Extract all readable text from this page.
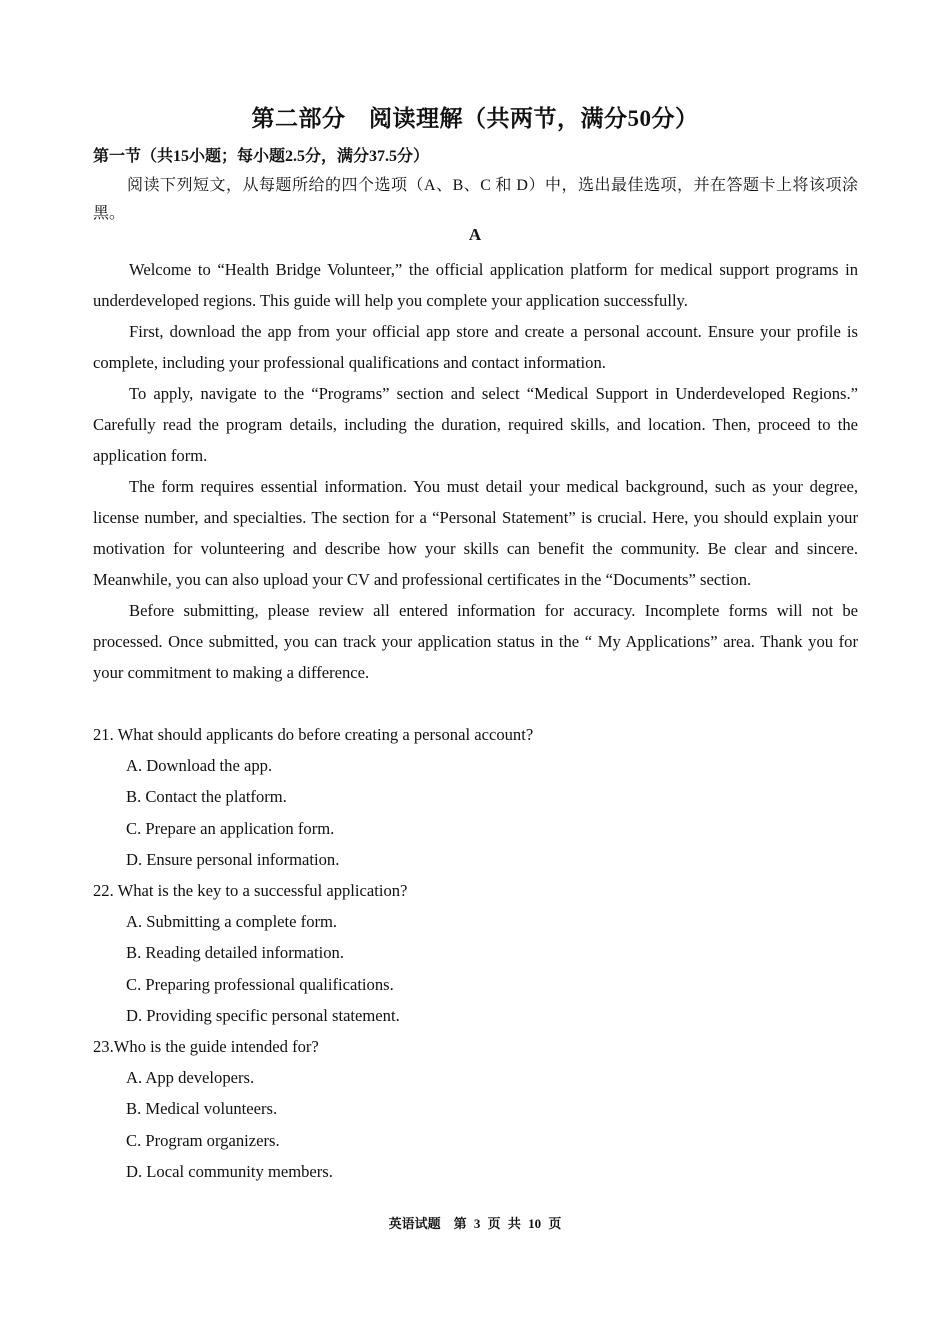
第二部分　阅读理解（共两节，满分50分）
第一节（共15小题；每小题2.5分，满分37.5分）
阅读下列短文，从每题所给的四个选项（A、B、C 和 D）中，选出最佳选项，并在答题卡上将该项涂黑。
A

Welcome to “Health Bridge Volunteer,” the official application platform for medical support programs in underdeveloped regions. This guide will help you complete your application successfully.

First, download the app from your official app store and create a personal account. Ensure your profile is complete, including your professional qualifications and contact information.

To apply, navigate to the “Programs” section and select “Medical Support in Underdeveloped Regions.” Carefully read the program details, including the duration, required skills, and location. Then, proceed to the application form.

The form requires essential information. You must detail your medical background, such as your degree, license number, and specialties. The section for a “Personal Statement” is crucial. Here, you should explain your motivation for volunteering and describe how your skills can benefit the community. Be clear and sincere. Meanwhile, you can also upload your CV and professional certificates in the “Documents” section.

Before submitting, please review all entered information for accuracy. Incomplete forms will not be processed. Once submitted, you can track your application status in the “ My Applications” area. Thank you for your commitment to making a difference.

21. What should applicants do before creating a personal account?
A. Download the app.
B. Contact the platform.
C. Prepare an application form.
D. Ensure personal information.
22. What is the key to a successful application?
A. Submitting a complete form.
B. Reading detailed information.
C. Preparing professional qualifications.
D. Providing specific personal statement.
23.Who is the guide intended for?
A. App developers.
B. Medical volunteers.
C. Program organizers.
D. Local community members.
英语试题　第 3 页 共 10 页
